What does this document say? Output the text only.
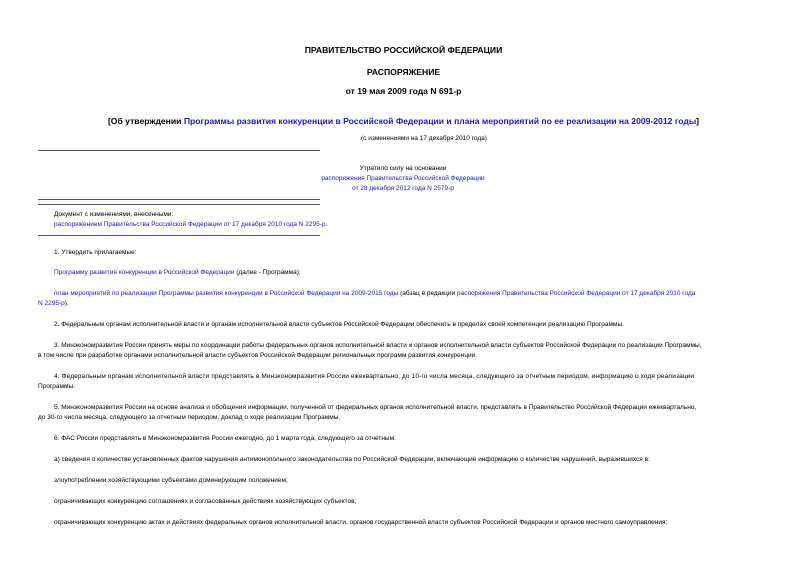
ПРАВИТЕЛЬСТВО РОССИЙСКОЙ ФЕДЕРАЦИИ
РАСПОРЯЖЕНИЕ
от 19 мая 2009 года N 691-р
[Об утверждении Программы развития конкуренции в Российской Федерации и плана мероприятий по ее реализации на 2009-2012 годы]
(с изменениями на 17 декабря 2010 года)
Утратило силу на основании
распоряжения Правительства Российской Федерации
от 28 декабря 2012 года N 2579-р
Документ с изменениями, внесенными:
распоряжением Правительства Российской Федерации от 17 декабря 2010 года N 2295-р.
1. Утвердить прилагаемые:
Программу развития конкуренции в Российской Федерации (далее - Программа);
план мероприятий по реализации Программы развития конкуренции в Российской Федерации на 2009-2015 годы (абзац в редакции распоряжения Правительства Российской Федерации от 17 декабря 2010 года
N 2295-р).
2. Федеральным органам исполнительной власти и органам исполнительной власти субъектов Российской Федерации обеспечить в пределах своей компетенции реализацию Программы.
3. Минэкономразвития России принять меры по координации работы федеральных органов исполнительной власти и органов исполнительной власти субъектов Российской Федерации по реализации Программы,
в том числе при разработке органами исполнительной власти субъектов Российской Федерации региональных программ развития конкуренции.
4. Федеральным органам исполнительной власти представлять в Минэкономразвития России ежеквартально, до 10-го числа месяца, следующего за отчетным периодом, информацию о ходе реализации
Программы.
5. Минэкономразвития России на основе анализа и обобщения информации, полученной от федеральных органов исполнительной власти, представлять в Правительство Российской Федерации ежеквартально,
до 30-го числа месяца, следующего за отчетным периодом, доклад о ходе реализации Программы.
6. ФАС России представлять в Минэкономразвития России ежегодно, до 1 марта года, следующего за отчетным:
а) сведения о количестве установленных фактов нарушения антимонопольного законодательства по Российской Федерации, включающие информацию о количестве нарушений, выразившихся в:
злоупотреблении хозяйствующими субъектами доминирующим положением;
ограничивающих конкуренцию соглашениях и согласованных действиях хозяйствующих субъектов;
ограничивающих конкуренцию актах и действиях федеральных органов исполнительной власти, органов государственной власти субъектов Российской Федерации и органов местного самоуправления;
